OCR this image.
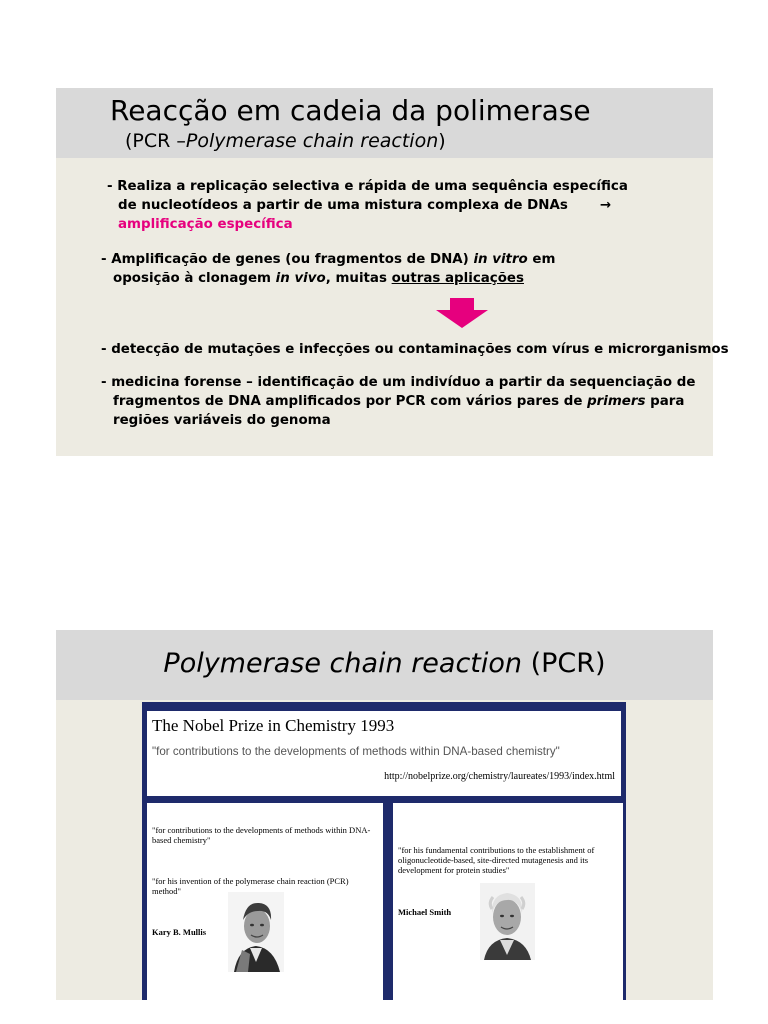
Reacção em cadeia da polimerase
(PCR –Polymerase chain reaction)
- Realiza a replicação selectiva e rápida de uma sequência específica
de nucleotídeos a partir de uma mistura complexa de DNAs →
amplificação específica
- Amplificação de genes (ou fragmentos de DNA) in vitro em
oposição à clonagem in vivo, muitas outras aplicações
- detecção de mutações e infecções ou contaminações com vírus e microrganismos
- medicina forense – identificação de um indivíduo a partir da sequenciação de
fragmentos de DNA amplificados por PCR com vários pares de primers para
regiões variáveis do genoma
Polymerase chain reaction (PCR)
The Nobel Prize in Chemistry 1993
"for contributions to the developments of methods within DNA-based chemistry"
http://nobelprize.org/chemistry/laureates/1993/index.html
"for contributions to the developments of methods within DNA-based chemistry"
"for his invention of the polymerase chain reaction (PCR) method"
Kary B. Mullis
"for his fundamental contributions to the establishment of oligonucleotide-based, site-directed mutagenesis and its development for protein studies"
Michael Smith
